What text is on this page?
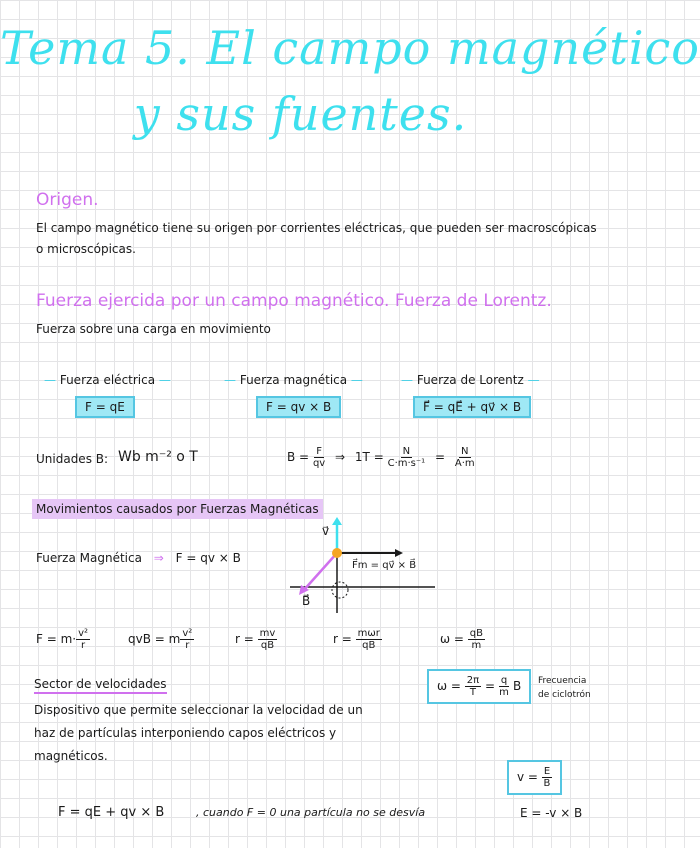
Tema 5. El campo magnético
y sus fuentes.
Origen.
El campo magnético tiene su origen por corrientes eléctricas, que pueden ser macroscópicas
o microscópicas.
Fuerza ejercida por un campo magnético. Fuerza de Lorentz.
Fuerza sobre una carga en movimiento
— Fuerza eléctrica —
F = qE
— Fuerza magnética —
F = qv × B
— Fuerza de Lorentz —
F⃗ = qE⃗ + qv⃗ × B
Unidades B: Wb m⁻² o T	$B = \frac{F}{qv}$ ⇒ $1T = \frac{N}{\text{C·m·s⁻¹}} = \frac{N}{A\cdot m}$
Movimientos causados por Fuerzas Magnéticas
Fuerza Magnética ⇒ F = qv × B
v⃗
F⃗m = qv⃗ × B⃗
B⃗
$F = m\cdot \frac{\text{v²}}{r}$	qvB = m $\frac{\text{v²}}{r}$	$r = \frac{mv}{qB}$	$r = \frac{\text{mωr}}{qB}$	$\omega = \frac{qB}{m}$
Sector de velocidades
Dispositivo que permite seleccionar la velocidad de un
haz de partículas interponiendo capos eléctricos y
magnéticos.
$\omega = \frac{2\pi}{T} = \frac{q}{m}$ B	Frecuencia
de ciclotrón
$v = \frac{E}{B}$
F = qE + qv × B	, cuando F = 0 una partícula no se desvía	E = -v × B
